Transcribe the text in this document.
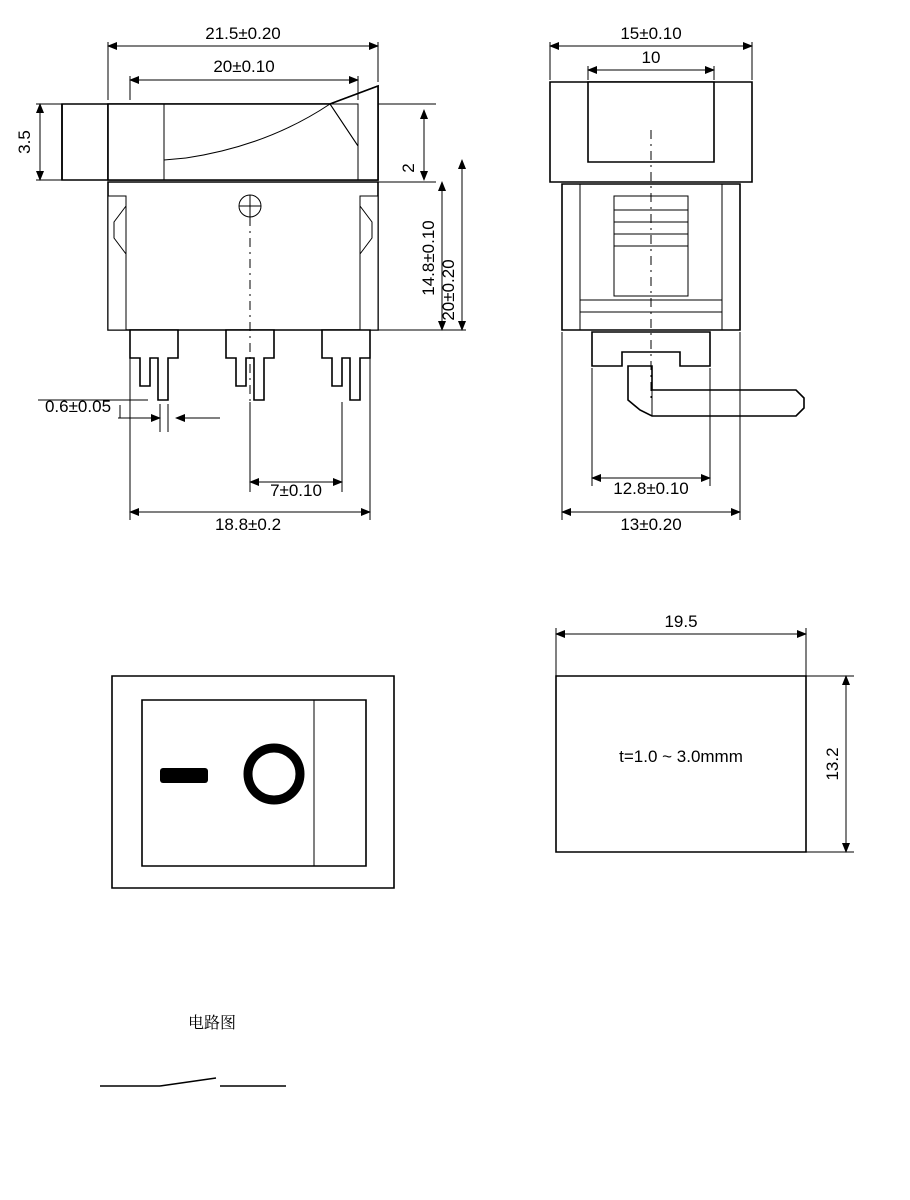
21.5±0.20
20±0.10
3.5
2
14.8±0.10 20±0.20
0.6±0.05
7±0.10
18.8±0.2
15±0.10
10
12.8±0.10
13±0.20
19.5
13.2
t=1.0 ~ 3.0mmm
电路图
